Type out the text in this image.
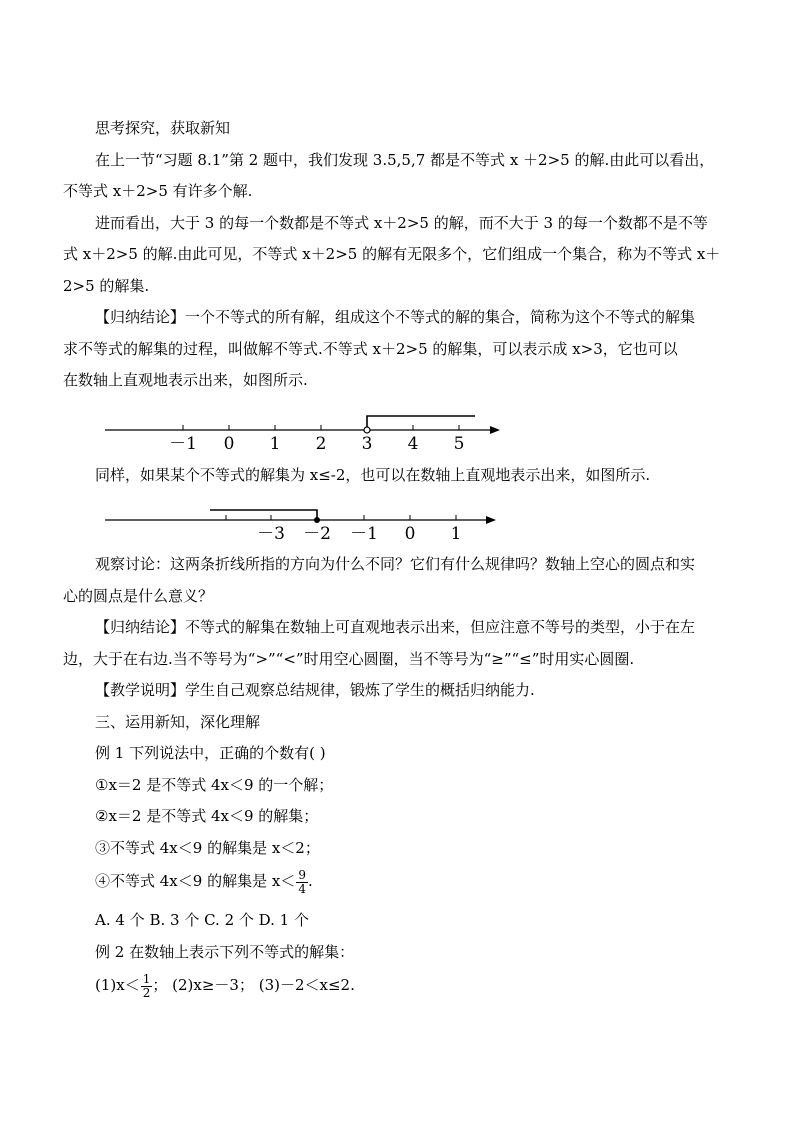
思考探究，获取新知
在上一节“习题 8.1”第 2 题中，我们发现 3.5,5,7 都是不等式 x ＋2>5 的解.由此可以看出，
不等式 x＋2>5 有许多个解.
进而看出，大于 3 的每一个数都是不等式 x＋2>5 的解，而不大于 3 的每一个数都不是不等
式 x＋2>5 的解.由此可见，不等式 x＋2>5 的解有无限多个，它们组成一个集合，称为不等式 x＋
2>5 的解集.
【归纳结论】一个不等式的所有解，组成这个不等式的解的集合，简称为这个不等式的解集
求不等式的解集的过程，叫做解不等式.不等式 x＋2>5 的解集，可以表示成 x>3，它也可以
在数轴上直观地表示出来，如图所示.
－1 0 1 2 3 4 5
同样，如果某个不等式的解集为 x≤-2，也可以在数轴上直观地表示出来，如图所示.
－3 －2 －1 0 1
观察讨论：这两条折线所指的方向为什么不同？它们有什么规律吗？数轴上空心的圆点和实
心的圆点是什么意义？
【归纳结论】不等式的解集在数轴上可直观地表示出来，但应注意不等号的类型，小于在左
边，大于在右边.当不等号为“>”“<”时用空心圆圈，当不等号为“≥”“≤”时用实心圆圈.
【教学说明】学生自己观察总结规律，锻炼了学生的概括归纳能力.
三、运用新知，深化理解
例 1 下列说法中，正确的个数有( )
①x＝2 是不等式 4x＜9 的一个解；
②x＝2 是不等式 4x＜9 的解集；
③不等式 4x＜9 的解集是 x＜2；
④不等式 4x＜9 的解集是 $x< \frac{9}{4}$ .
A. 4 个 B. 3 个 C. 2 个 D. 1 个
例 2 在数轴上表示下列不等式的解集：
$(1)x< \frac{1}{2}$ ； (2)x≥－3； (3)－2＜x≤2.
